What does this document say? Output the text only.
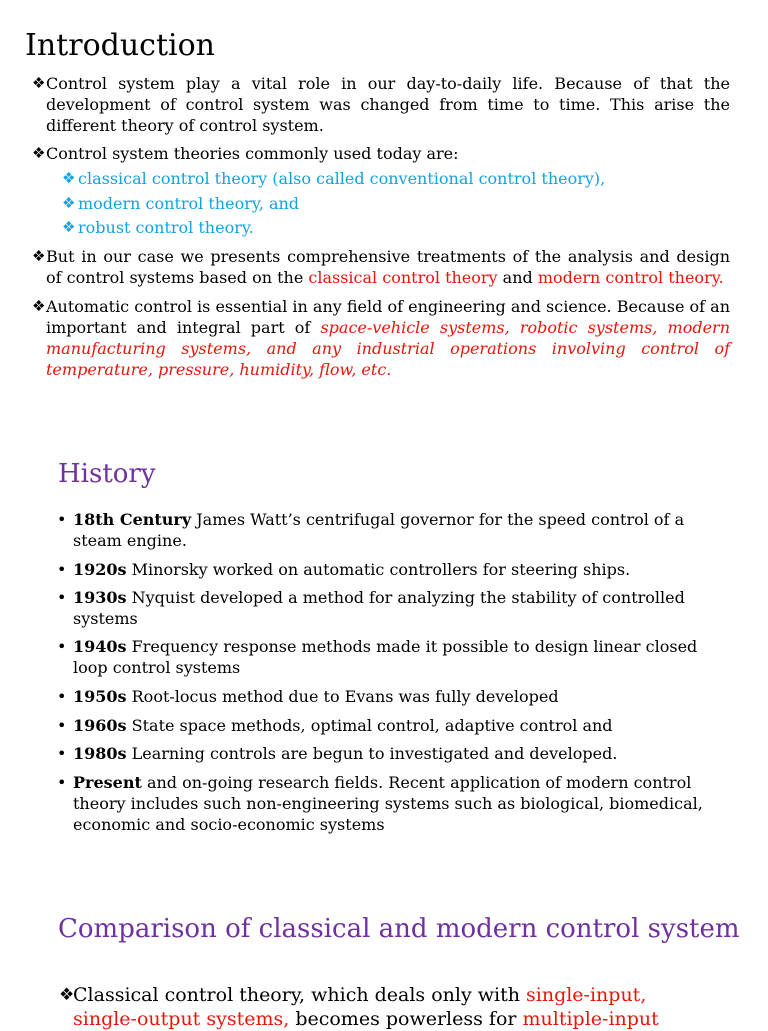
Introduction
❖ Control system play a vital role in our day-to-daily life. Because of that the development of control system was changed from time to time. This arise the different theory of control system.
❖ Control system theories commonly used today are:
❖ classical control theory (also called conventional control theory),
❖ modern control theory, and
❖ robust control theory.
❖ But in our case we presents comprehensive treatments of the analysis and design of control systems based on the classical control theory and modern control theory.
❖ Automatic control is essential in any field of engineering and science. Because of an important and integral part of space-vehicle systems, robotic systems, modern manufacturing systems, and any industrial operations involving control of temperature, pressure, humidity, flow, etc.
History
• 18th Century James Watt’s centrifugal governor for the speed control of a steam engine.
• 1920s Minorsky worked on automatic controllers for steering ships.
• 1930s Nyquist developed a method for analyzing the stability of controlled systems
• 1940s Frequency response methods made it possible to design linear closed loop control systems
• 1950s Root-locus method due to Evans was fully developed
• 1960s State space methods, optimal control, adaptive control and
• 1980s Learning controls are begun to investigated and developed.
• Present and on-going research fields. Recent application of modern control theory includes such non-engineering systems such as biological, biomedical, economic and socio-economic systems
Comparison of classical and modern control system
❖
Classical control theory, which deals only with single-input, single-output systems, becomes powerless for multiple-input
